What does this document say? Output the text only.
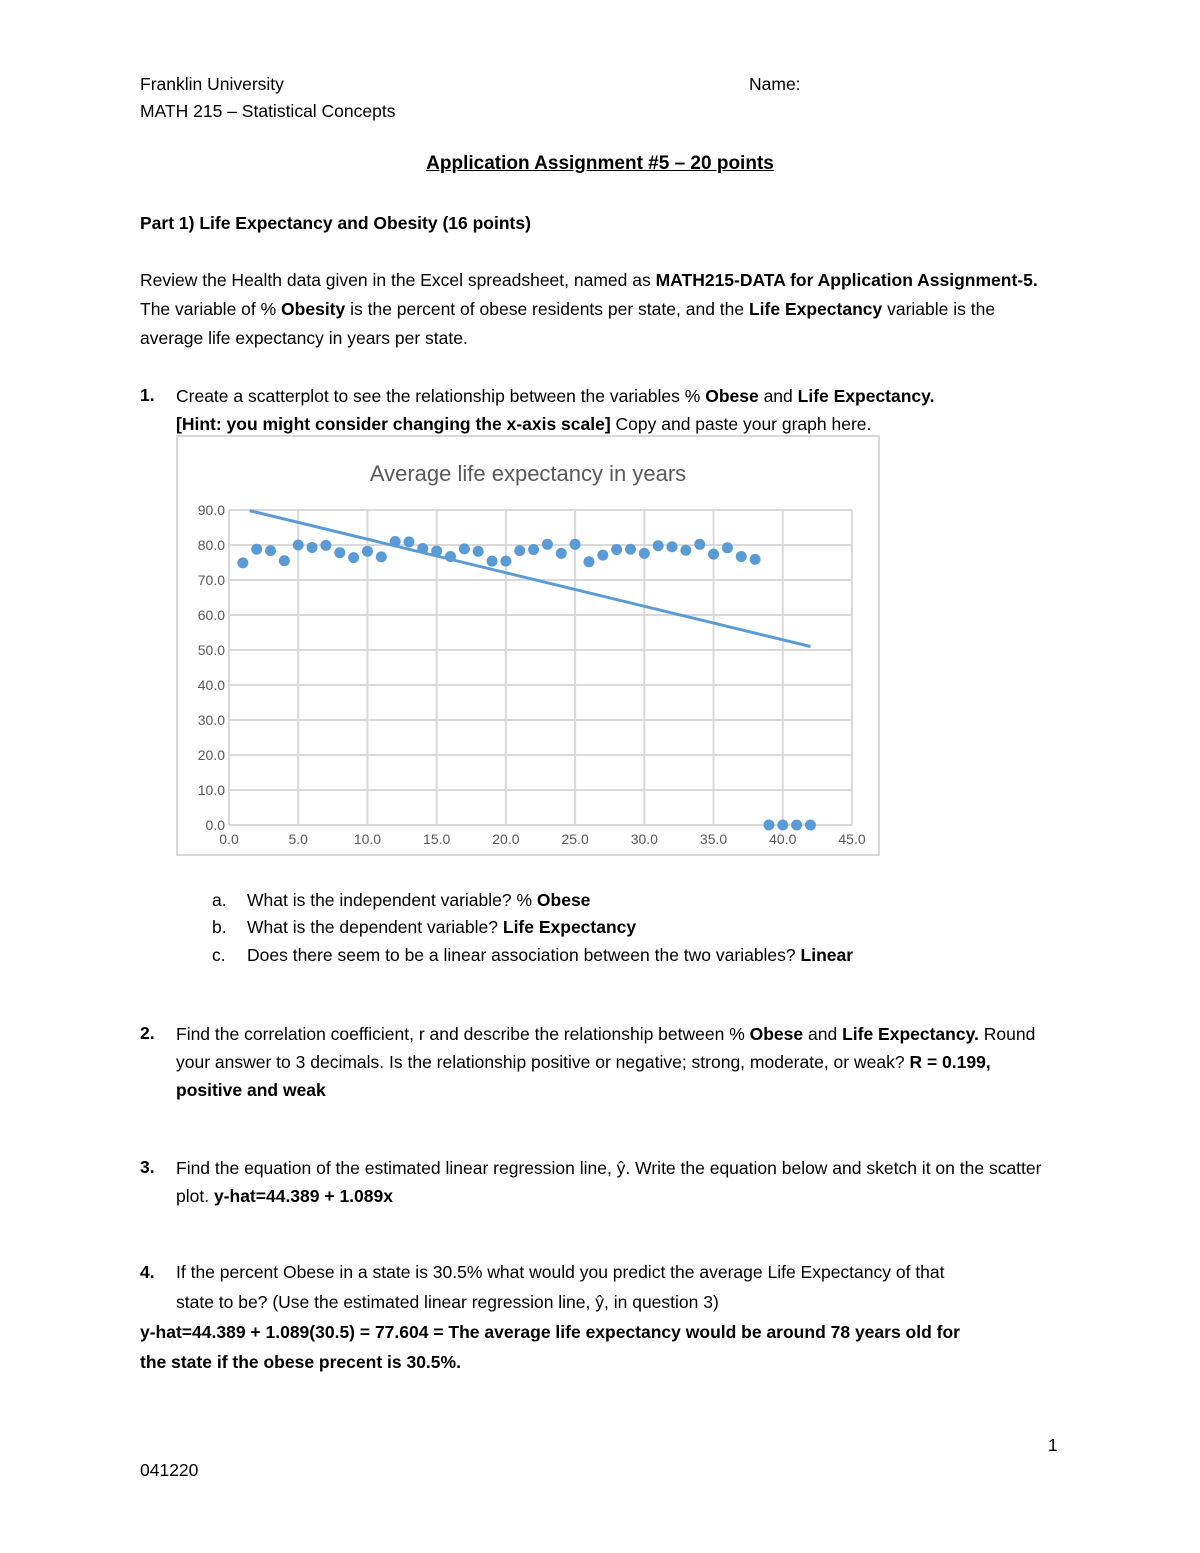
Franklin University	Name:
MATH 215 – Statistical Concepts
Application Assignment #5 – 20 points
Part 1) Life Expectancy and Obesity (16 points)
Review the Health data given in the Excel spreadsheet, named as MATH215-DATA for Application Assignment-5. The variable of % Obesity is the percent of obese residents per state, and the Life Expectancy variable is the average life expectancy in years per state.
1. Create a scatterplot to see the relationship between the variables % Obese and Life Expectancy.
[Hint: you might consider changing the x-axis scale] Copy and paste your graph here.
Average life expectancy in years
0.0
10.0
20.0
30.0
40.0
50.0
60.0
70.0
80.0
90.0
0.0	5.0	10.0	15.0	20.0	25.0	30.0	35.0	40.0	45.0
a. What is the independent variable? % Obese
b. What is the dependent variable? Life Expectancy
c. Does there seem to be a linear association between the two variables? Linear
2. Find the correlation coefficient, r and describe the relationship between % Obese and Life Expectancy. Round your answer to 3 decimals. Is the relationship positive or negative; strong, moderate, or weak? R = 0.199, positive and weak
3. Find the equation of the estimated linear regression line, ŷ. Write the equation below and sketch it on the scatter plot. y-hat=44.389 + 1.089x
4. If the percent Obese in a state is 30.5% what would you predict the average Life Expectancy of that
state to be? (Use the estimated linear regression line, ŷ, in question 3)
y-hat=44.389 + 1.089(30.5) = 77.604 = The average life expectancy would be around 78 years old for
the state if the obese precent is 30.5%.
1
041220
